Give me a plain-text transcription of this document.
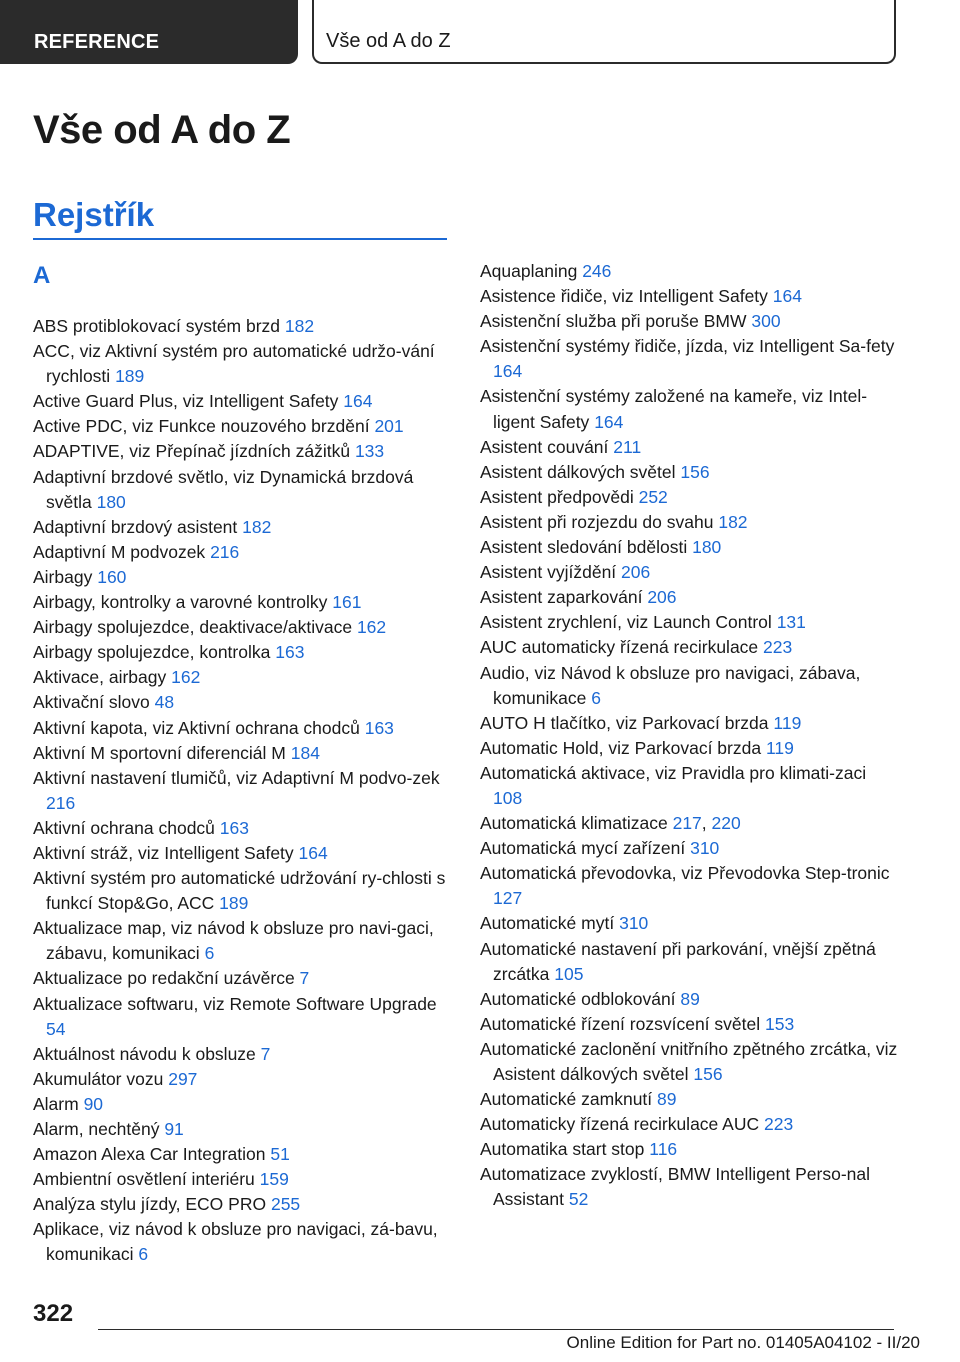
REFERENCE	Vše od A do Z
Vše od A do Z
Rejstřík
A
ABS protiblokovací systém brzd 182
ACC, viz Aktivní systém pro automatické udržo-vání rychlosti 189
Active Guard Plus, viz Intelligent Safety 164
Active PDC, viz Funkce nouzového brzdění 201
ADAPTIVE, viz Přepínač jízdních zážitků 133
Adaptivní brzdové světlo, viz Dynamická brzdová světla 180
Adaptivní brzdový asistent 182
Adaptivní M podvozek 216
Airbagy 160
Airbagy, kontrolky a varovné kontrolky 161
Airbagy spolujezdce, deaktivace/aktivace 162
Airbagy spolujezdce, kontrolka 163
Aktivace, airbagy 162
Aktivační slovo 48
Aktivní kapota, viz Aktivní ochrana chodců 163
Aktivní M sportovní diferenciál M 184
Aktivní nastavení tlumičů, viz Adaptivní M podvo-zek 216
Aktivní ochrana chodců 163
Aktivní stráž, viz Intelligent Safety 164
Aktivní systém pro automatické udržování ry-chlosti s funkcí Stop&Go, ACC 189
Aktualizace map, viz návod k obsluze pro navi-gaci, zábavu, komunikaci 6
Aktualizace po redakční uzávěrce 7
Aktualizace softwaru, viz Remote Software Upgrade 54
Aktuálnost návodu k obsluze 7
Akumulátor vozu 297
Alarm 90
Alarm, nechtěný 91
Amazon Alexa Car Integration 51
Ambientní osvětlení interiéru 159
Analýza stylu jízdy, ECO PRO 255
Aplikace, viz návod k obsluze pro navigaci, zá-bavu, komunikaci 6
Aquaplaning 246
Asistence řidiče, viz Intelligent Safety 164
Asistenční služba při poruše BMW 300
Asistenční systémy řidiče, jízda, viz Intelligent Sa-fety 164
Asistenční systémy založené na kameře, viz Intel-ligent Safety 164
Asistent couvání 211
Asistent dálkových světel 156
Asistent předpovědi 252
Asistent při rozjezdu do svahu 182
Asistent sledování bdělosti 180
Asistent vyjíždění 206
Asistent zaparkování 206
Asistent zrychlení, viz Launch Control 131
AUC automaticky řízená recirkulace 223
Audio, viz Návod k obsluze pro navigaci, zábava, komunikace 6
AUTO H tlačítko, viz Parkovací brzda 119
Automatic Hold, viz Parkovací brzda 119
Automatická aktivace, viz Pravidla pro klimati-zaci 108
Automatická klimatizace 217, 220
Automatická mycí zařízení 310
Automatická převodovka, viz Převodovka Step-tronic 127
Automatické mytí 310
Automatické nastavení při parkování, vnější zpětná zrcátka 105
Automatické odblokování 89
Automatické řízení rozsvícení světel 153
Automatické zaclonění vnitřního zpětného zrcátka, viz Asistent dálkových světel 156
Automatické zamknutí 89
Automaticky řízená recirkulace AUC 223
Automatika start stop 116
Automatizace zvyklostí, BMW Intelligent Perso-nal Assistant 52
322
Online Edition for Part no. 01405A04102 - II/20
